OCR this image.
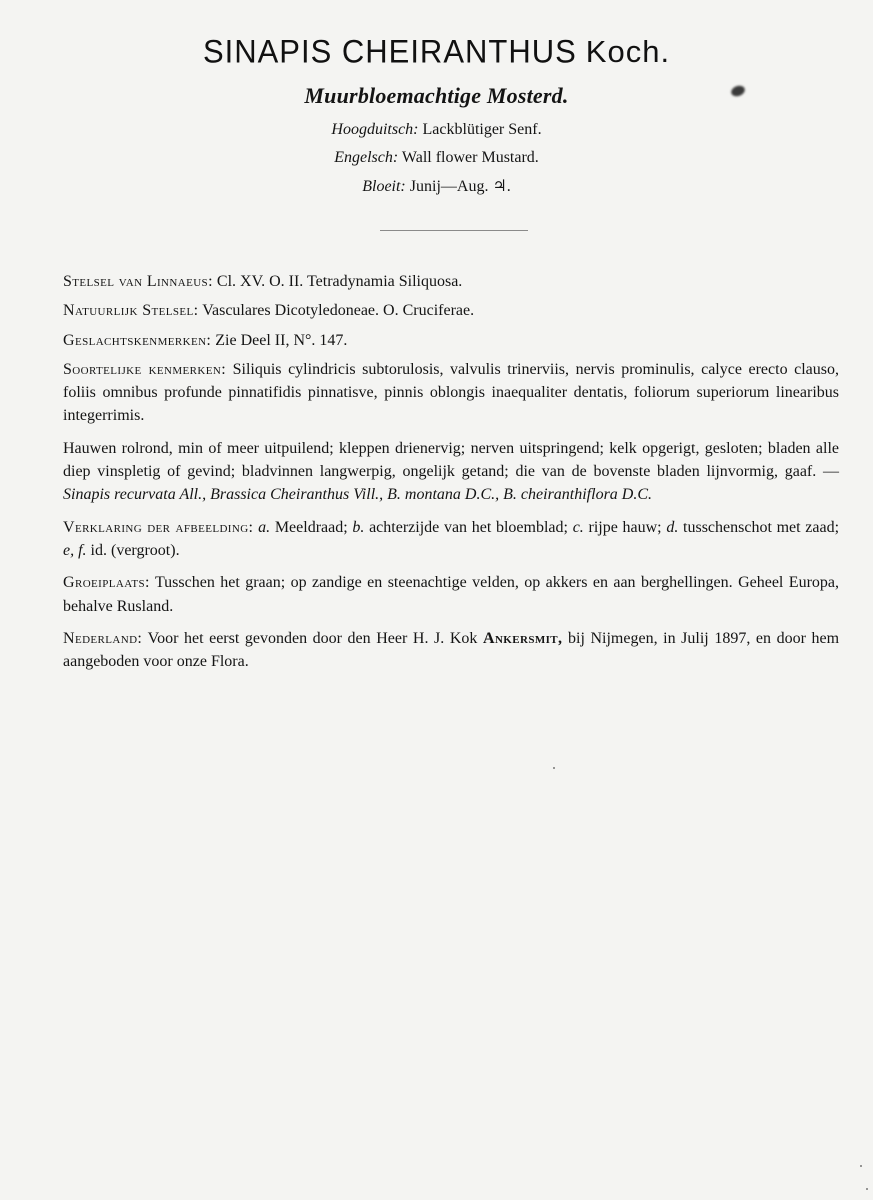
SINAPIS CHEIRANTHUS Koch.
Muurbloemachtige Mosterd.
Hoogduitsch: Lackblütiger Senf.
Engelsch: Wall flower Mustard.
Bloeit: Junij—Aug. ♃.

Stelsel van Linnaeus: Cl. XV. O. II. Tetradynamia Siliquosa.

Natuurlijk Stelsel: Vasculares Dicotyledoneae. O. Cruciferae.

Geslachtskenmerken: Zie Deel II, N°. 147.

Soortelijke kenmerken: Siliquis cylindricis subtorulosis, valvulis trinerviis, nervis prominulis, calyce erecto clauso, foliis omnibus profunde pinnatifidis pinnatisve, pinnis oblongis inaequaliter dentatis, foliorum superiorum linearibus integerrimis.

Hauwen rolrond, min of meer uitpuilend; kleppen drienervig; nerven uitspringend; kelk opgerigt, gesloten; bladen alle diep vinspletig of gevind; bladvinnen langwerpig, ongelijk getand; die van de bovenste bladen lijnvormig, gaaf. — Sinapis recurvata All., Brassica Cheiranthus Vill., B. montana D.C., B. cheiranthiflora D.C.

Verklaring der afbeelding: a. Meeldraad; b. achterzijde van het bloemblad; c. rijpe hauw; d. tusschenschot met zaad; e, f. id. (vergroot).

Groeiplaats: Tusschen het graan; op zandige en steenachtige velden, op akkers en aan berghellingen. Geheel Europa, behalve Rusland.

Nederland: Voor het eerst gevonden door den Heer H. J. Kok Ankersmit, bij Nijmegen, in Julij 1897, en door hem aangeboden voor onze Flora.
